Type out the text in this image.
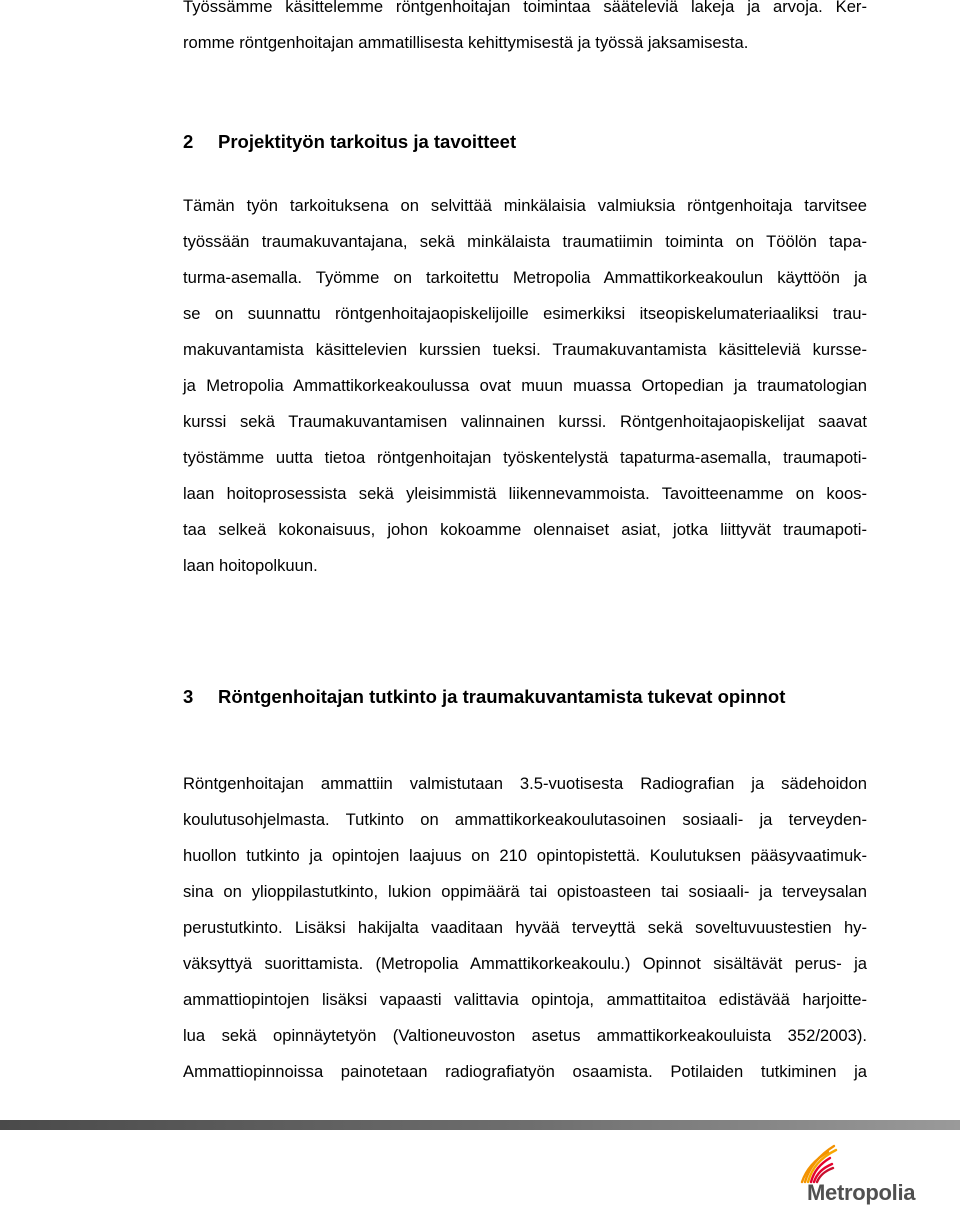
Työssämme käsittelemme röntgenhoitajan toimintaa sääteleviä lakeja ja arvoja. Ker-
romme röntgenhoitajan ammatillisesta kehittymisestä ja työssä jaksamisesta.
2 Projektityön tarkoitus ja tavoitteet
Tämän työn tarkoituksena on selvittää minkälaisia valmiuksia röntgenhoitaja tarvitsee
työssään traumakuvantajana, sekä minkälaista traumatiimin toiminta on Töölön tapa-
turma-asemalla. Työmme on tarkoitettu Metropolia Ammattikorkeakoulun käyttöön ja
se on suunnattu röntgenhoitajaopiskelijoille esimerkiksi itseopiskelumateriaaliksi trau-
makuvantamista käsittelevien kurssien tueksi. Traumakuvantamista käsitteleviä kursse-
ja Metropolia Ammattikorkeakoulussa ovat muun muassa Ortopedian ja traumatologian
kurssi sekä Traumakuvantamisen valinnainen kurssi. Röntgenhoitajaopiskelijat saavat
työstämme uutta tietoa röntgenhoitajan työskentelystä tapaturma-asemalla, traumapoti-
laan hoitoprosessista sekä yleisimmistä liikennevammoista. Tavoitteenamme on koos-
taa selkeä kokonaisuus, johon kokoamme olennaiset asiat, jotka liittyvät traumapoti-
laan hoitopolkuun.
3 Röntgenhoitajan tutkinto ja traumakuvantamista tukevat opinnot
Röntgenhoitajan ammattiin valmistutaan 3.5-vuotisesta Radiografian ja sädehoidon
koulutusohjelmasta. Tutkinto on ammattikorkeakoulutasoinen sosiaali- ja terveyden-
huollon tutkinto ja opintojen laajuus on 210 opintopistettä. Koulutuksen pääsyvaatimuk-
sina on ylioppilastutkinto, lukion oppimäärä tai opistoasteen tai sosiaali- ja terveysalan
perustutkinto. Lisäksi hakijalta vaaditaan hyvää terveyttä sekä soveltuvuustestien hy-
väksyttyä suorittamista. (Metropolia Ammattikorkeakoulu.) Opinnot sisältävät perus- ja
ammattiopintojen lisäksi vapaasti valittavia opintoja, ammattitaitoa edistävää harjoitte-
lua sekä opinnäytetyön (Valtioneuvoston asetus ammattikorkeakouluista 352/2003).
Ammattiopinnoissa painotetaan radiografiatyön osaamista. Potilaiden tutkiminen ja
Metropolia
